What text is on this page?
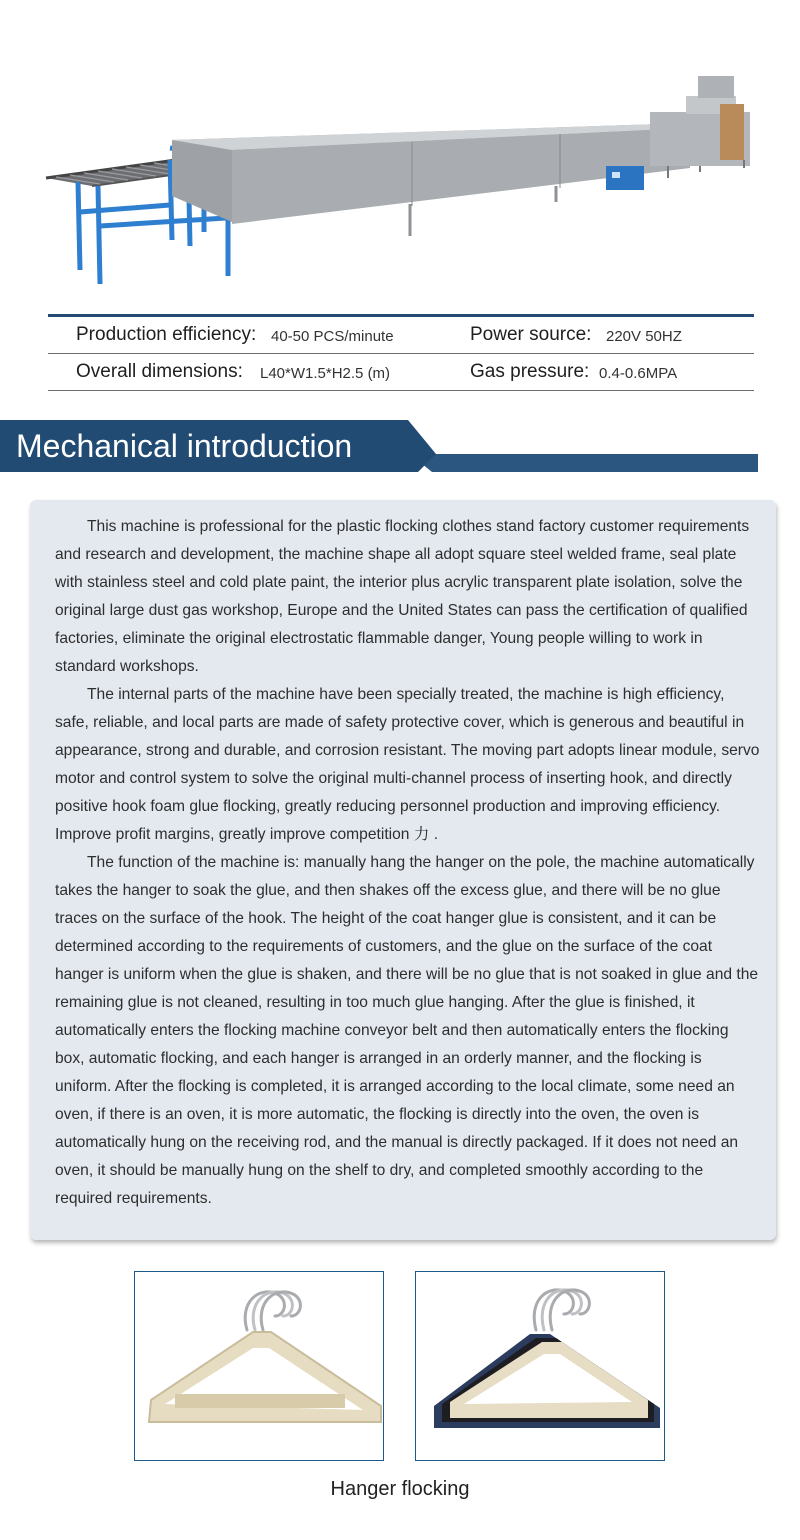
Production efficiency: 40-50 PCS/minute	Power source: 220V 50HZ
Overall dimensions: L40*W1.5*H2.5 (m)	Gas pressure: 0.4-0.6MPA
Mechanical introduction

This machine is professional for the plastic flocking clothes stand factory customer requirements and research and development, the machine shape all adopt square steel welded frame, seal plate with stainless steel and cold plate paint, the interior plus acrylic transparent plate isolation, solve the original large dust gas workshop, Europe and the United States can pass the certification of qualified factories, eliminate the original electrostatic flammable danger, Young people willing to work in standard workshops.

The internal parts of the machine have been specially treated, the machine is high efficiency, safe, reliable, and local parts are made of safety protective cover, which is generous and beautiful in appearance, strong and durable, and corrosion resistant. The moving part adopts linear module, servo motor and control system to solve the original multi-channel process of inserting hook, and directly positive hook foam glue flocking, greatly reducing personnel production and improving efficiency. Improve profit margins, greatly improve competition 力 .

The function of the machine is: manually hang the hanger on the pole, the machine automatically takes the hanger to soak the glue, and then shakes off the excess glue, and there will be no glue traces on the surface of the hook. The height of the coat hanger glue is consistent, and it can be determined according to the requirements of customers, and the glue on the surface of the coat hanger is uniform when the glue is shaken, and there will be no glue that is not soaked in glue and the remaining glue is not cleaned, resulting in too much glue hanging. After the glue is finished, it automatically enters the flocking machine conveyor belt and then automatically enters the flocking box, automatic flocking, and each hanger is arranged in an orderly manner, and the flocking is uniform. After the flocking is completed, it is arranged according to the local climate, some need an oven, if there is an oven, it is more automatic, the flocking is directly into the oven, the oven is automatically hung on the receiving rod, and the manual is directly packaged. If it does not need an oven, it should be manually hung on the shelf to dry, and completed smoothly according to the required requirements.

Hanger flocking
